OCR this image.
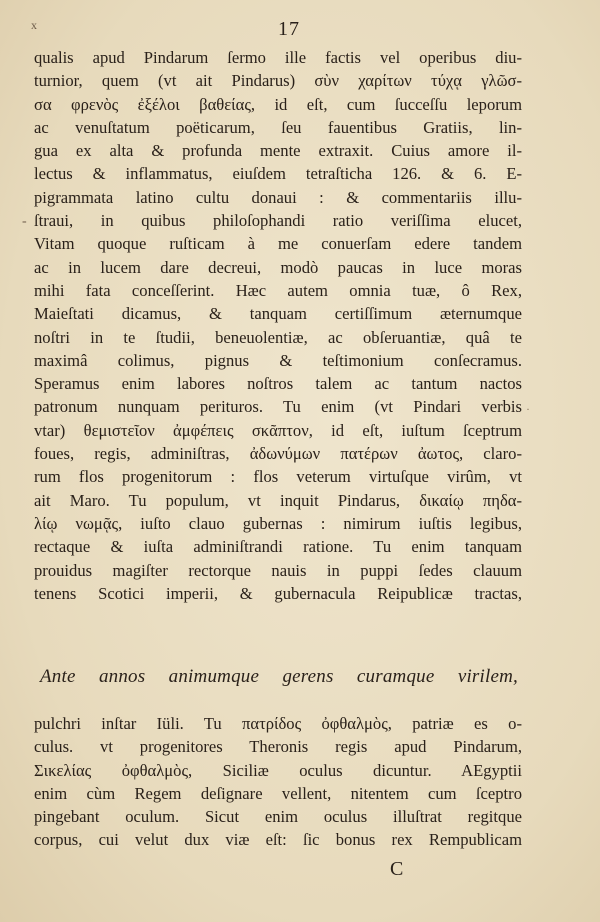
x	17
-
·
qualis apud Pindarum ſermo ille factis vel operibus diu-
turnior, quem (vt ait Pindarus) σὺν χαρίτων τύχᾳ γλῶσ-
σα φρενὸς ἐξέλοι βαθείας, id eſt, cum ſucceſſu leporum
ac venuſtatum poëticarum, ſeu fauentibus Gratiis, lin-
gua ex alta & profunda mente extraxit. Cuius amore il-
lectus & inflammatus, eiuſdem tetraſticha 126. & 6. E-
pigrammata latino cultu donaui : & commentariis illu-
ſtraui, in quibus philoſophandi ratio veriſſima elucet,
Vitam quoque ruſticam à me conuerſam edere tandem
ac in lucem dare decreui, modò paucas in luce moras
mihi fata conceſſerint. Hæc autem omnia tuæ, ô Rex,
Maieſtati dicamus, & tanquam certiſſimum æternumque
noſtri in te ſtudii, beneuolentiæ, ac obſeruantiæ, quâ te
maximâ colimus, pignus & teſtimonium conſecramus.
Speramus enim labores noſtros talem ac tantum nactos
patronum nunquam perituros. Tu enim (vt Pindari verbis
vtar) θεμιστεῖον ἀμφέπεις σκᾶπτον, id eſt, iuſtum ſceptrum
foues, regis, adminiſtras, ἀδωνύμων πατέρων ἀωτος, claro-
rum flos progenitorum : flos veterum virtuſque virûm, vt
ait Maro. Tu populum, vt inquit Pindarus, δικαίῳ πηδα-
λίῳ νωμᾷς, iuſto clauo gubernas : nimirum iuſtis legibus,
rectaque & iuſta adminiſtrandi ratione. Tu enim tanquam
prouidus magiſter rectorque nauis in puppi ſedes clauum
tenens Scotici imperii, & gubernacula Reipublicæ tractas,
Ante annos animumque gerens curamque virilem,
pulchri inſtar Iüli. Tu πατρίδος ὀφθαλμὸς, patriæ es o-
culus. vt progenitores Theronis regis apud Pindarum,
Σικελίας ὀφθαλμὸς, Siciliæ oculus dicuntur. AEgyptii
enim cùm Regem deſignare vellent, nitentem cum ſceptro
pingebant oculum. Sicut enim oculus illuſtrat regitque
corpus, cui velut dux viæ eſt: ſic bonus rex Rempublicam
C
